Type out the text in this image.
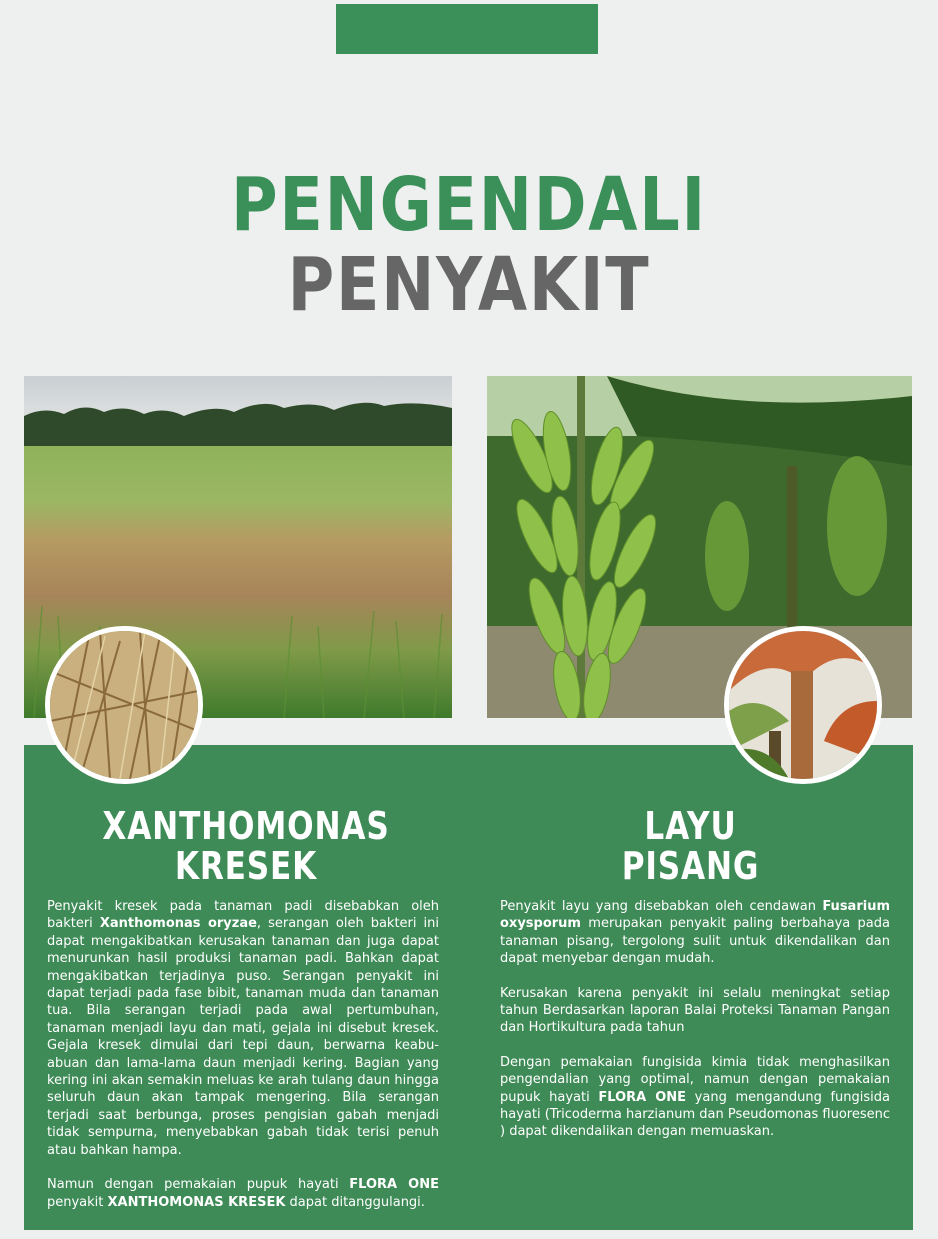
PENGENDALI
PENYAKIT
XANTHOMONAS
KRESEK
LAYU
PISANG

Penyakit kresek pada tanaman padi disebabkan oleh bakteri Xanthomonas oryzae, serangan oleh bakteri ini dapat mengakibatkan kerusakan tanaman dan juga dapat menurunkan hasil produksi tanaman padi. Bahkan dapat mengakibatkan terjadinya puso. Serangan penyakit ini dapat terjadi pada fase bibit, tanaman muda dan tanaman tua. Bila serangan terjadi pada awal pertumbuhan, tanaman menjadi layu dan mati, gejala ini disebut kresek. Gejala kresek dimulai dari tepi daun, berwarna keabu-abuan dan lama-lama daun menjadi kering. Bagian yang kering ini akan semakin meluas ke arah tulang daun hingga seluruh daun akan tampak mengering. Bila serangan terjadi saat berbunga, proses pengisian gabah menjadi tidak sempurna, menyebabkan gabah tidak terisi penuh atau bahkan hampa.

Namun dengan pemakaian pupuk hayati FLORA ONE penyakit XANTHOMONAS KRESEK dapat ditanggulangi.

Penyakit layu yang disebabkan oleh cendawan Fusarium oxysporum merupakan penyakit paling berbahaya pada tanaman pisang, tergolong sulit untuk dikendalikan dan dapat menyebar dengan mudah.

Kerusakan karena penyakit ini selalu meningkat setiap tahun Berdasarkan laporan Balai Proteksi Tanaman Pangan dan Hortikultura pada tahun

Dengan pemakaian fungisida kimia tidak menghasilkan pengendalian yang optimal, namun dengan pemakaian pupuk hayati FLORA ONE yang mengandung fungisida hayati (Tricoderma harzianum dan Pseudomonas fluoresenc ) dapat dikendalikan dengan memuaskan.
